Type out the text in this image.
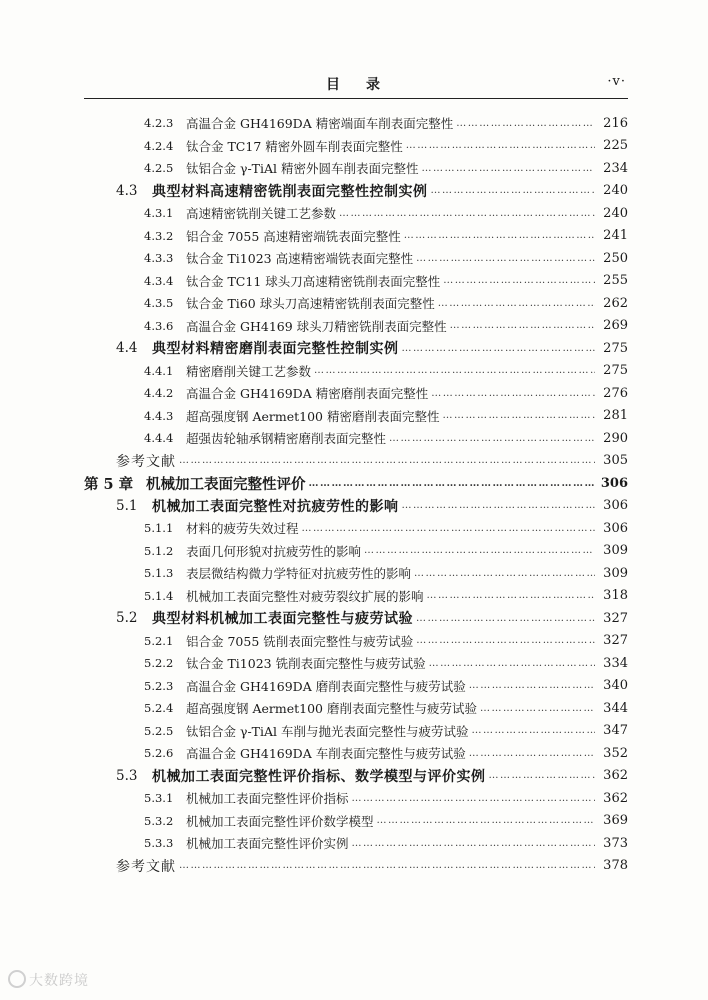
目　录	·v·
4.2.3	高温合金 GH4169DA 精密端面车削表面完整性 …………………………………………………………………………………………………………………………………………………………………………………	216
4.2.4	钛合金 TC17 精密外圆车削表面完整性 …………………………………………………………………………………………………………………………………………………………………………………	225
4.2.5	钛铝合金 γ-TiAl 精密外圆车削表面完整性 …………………………………………………………………………………………………………………………………………………………………………………	234
4.3	典型材料高速精密铣削表面完整性控制实例 …………………………………………………………………………………………………………………………………………………………………………………	240
4.3.1	高速精密铣削关键工艺参数 …………………………………………………………………………………………………………………………………………………………………………………	240
4.3.2	铝合金 7055 高速精密端铣表面完整性 …………………………………………………………………………………………………………………………………………………………………………………	241
4.3.3	钛合金 Ti1023 高速精密端铣表面完整性 …………………………………………………………………………………………………………………………………………………………………………………	250
4.3.4	钛合金 TC11 球头刀高速精密铣削表面完整性 …………………………………………………………………………………………………………………………………………………………………………………	255
4.3.5	钛合金 Ti60 球头刀高速精密铣削表面完整性 …………………………………………………………………………………………………………………………………………………………………………………	262
4.3.6	高温合金 GH4169 球头刀精密铣削表面完整性 …………………………………………………………………………………………………………………………………………………………………………………	269
4.4	典型材料精密磨削表面完整性控制实例 …………………………………………………………………………………………………………………………………………………………………………………	275
4.4.1	精密磨削关键工艺参数 …………………………………………………………………………………………………………………………………………………………………………………	275
4.4.2	高温合金 GH4169DA 精密磨削表面完整性 …………………………………………………………………………………………………………………………………………………………………………………	276
4.4.3	超高强度钢 Aermet100 精密磨削表面完整性 …………………………………………………………………………………………………………………………………………………………………………………	281
4.4.4	超强齿轮轴承钢精密磨削表面完整性 …………………………………………………………………………………………………………………………………………………………………………………	290
参考文献 …………………………………………………………………………………………………………………………………………………………………………………	305
第 5 章 机械加工表面完整性评价 …………………………………………………………………………………………………………………………………………………………………………………	306
5.1	机械加工表面完整性对抗疲劳性的影响 …………………………………………………………………………………………………………………………………………………………………………………	306
5.1.1	材料的疲劳失效过程 …………………………………………………………………………………………………………………………………………………………………………………	306
5.1.2	表面几何形貌对抗疲劳性的影响 …………………………………………………………………………………………………………………………………………………………………………………	309
5.1.3	表层微结构微力学特征对抗疲劳性的影响 …………………………………………………………………………………………………………………………………………………………………………………	309
5.1.4	机械加工表面完整性对疲劳裂纹扩展的影响 …………………………………………………………………………………………………………………………………………………………………………………	318
5.2	典型材料机械加工表面完整性与疲劳试验 …………………………………………………………………………………………………………………………………………………………………………………	327
5.2.1	铝合金 7055 铣削表面完整性与疲劳试验 …………………………………………………………………………………………………………………………………………………………………………………	327
5.2.2	钛合金 Ti1023 铣削表面完整性与疲劳试验 …………………………………………………………………………………………………………………………………………………………………………………	334
5.2.3	高温合金 GH4169DA 磨削表面完整性与疲劳试验 …………………………………………………………………………………………………………………………………………………………………………………	340
5.2.4	超高强度钢 Aermet100 磨削表面完整性与疲劳试验 …………………………………………………………………………………………………………………………………………………………………………………	344
5.2.5	钛铝合金 γ-TiAl 车削与抛光表面完整性与疲劳试验 …………………………………………………………………………………………………………………………………………………………………………………	347
5.2.6	高温合金 GH4169DA 车削表面完整性与疲劳试验 …………………………………………………………………………………………………………………………………………………………………………………	352
5.3	机械加工表面完整性评价指标、数学模型与评价实例 …………………………………………………………………………………………………………………………………………………………………………………	362
5.3.1	机械加工表面完整性评价指标 …………………………………………………………………………………………………………………………………………………………………………………	362
5.3.2	机械加工表面完整性评价数学模型 …………………………………………………………………………………………………………………………………………………………………………………	369
5.3.3	机械加工表面完整性评价实例 …………………………………………………………………………………………………………………………………………………………………………………	373
参考文献 …………………………………………………………………………………………………………………………………………………………………………………	378
大数跨境
